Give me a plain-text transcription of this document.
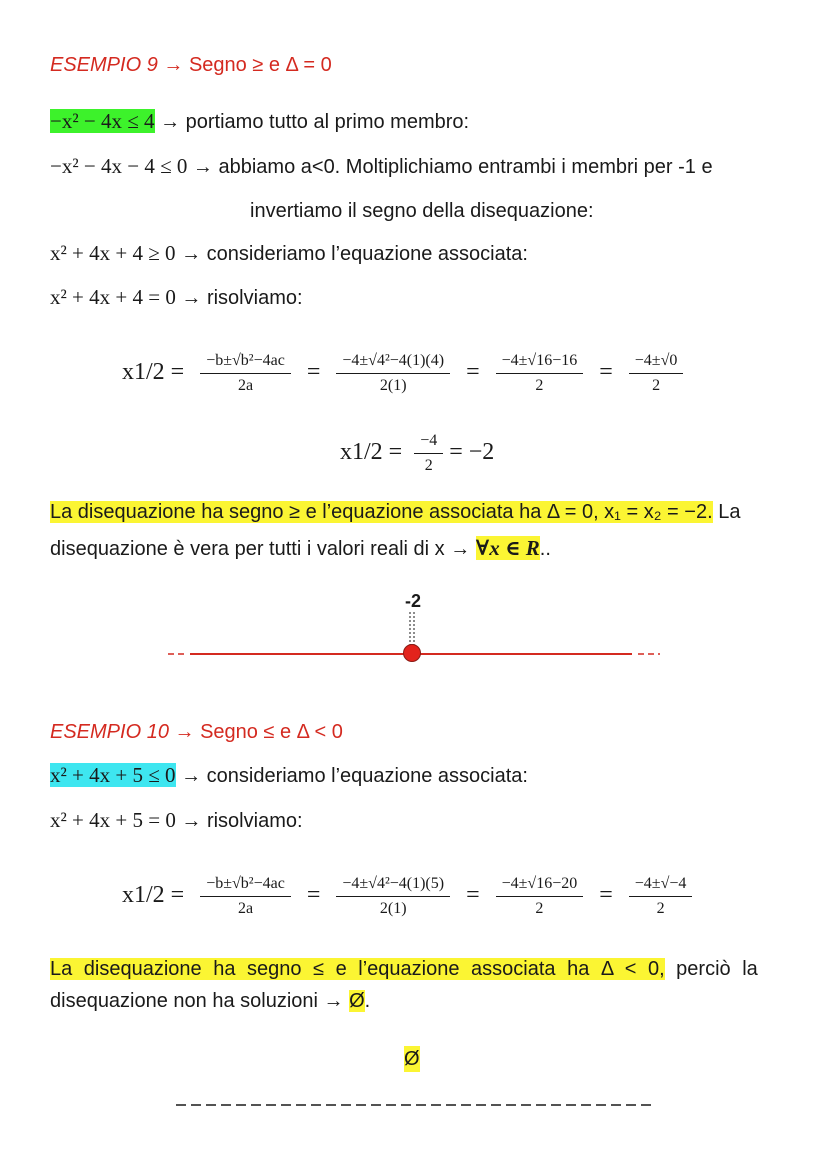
ESEMPIO 9 → Segno ≥ e Δ = 0
−x² − 4x ≤ 4 → portiamo tutto al primo membro:
−x² − 4x − 4 ≤ 0 → abbiamo a<0. Moltiplichiamo entrambi i membri per -1 e
invertiamo il segno della disequazione:
x² + 4x + 4 ≥ 0 → consideriamo l’equazione associata:
x² + 4x + 4 = 0 → risolviamo:
$x1/2 = \frac{\text{−b±√b²−4ac}}{2a} = \frac{\text{−4±√4²−4(1)(4)}}{2(1)} = \frac{-4\pm√16-16}{2} = \frac{-4\pm√0}{2}$
$x1/2 = \frac{-4}{2} = -2$
La disequazione ha segno ≥ e l’equazione associata ha Δ = 0, x₁ = x₂ = −2. La
disequazione è vera per tutti i valori reali di x → ∀x ∈ R..
-2
ESEMPIO 10 → Segno ≤ e Δ < 0
x² + 4x + 5 ≤ 0 → consideriamo l’equazione associata:
x² + 4x + 5 = 0 → risolviamo:
$x1/2 = \frac{\text{−b±√b²−4ac}}{2a} = \frac{\text{−4±√4²−4(1)(5)}}{2(1)} = \frac{-4\pm√16-20}{2} = \frac{-4\pm√-4}{2}$
La disequazione ha segno ≤ e l’equazione associata ha Δ < 0, perciò la
disequazione non ha soluzioni → Ø.
Ø
